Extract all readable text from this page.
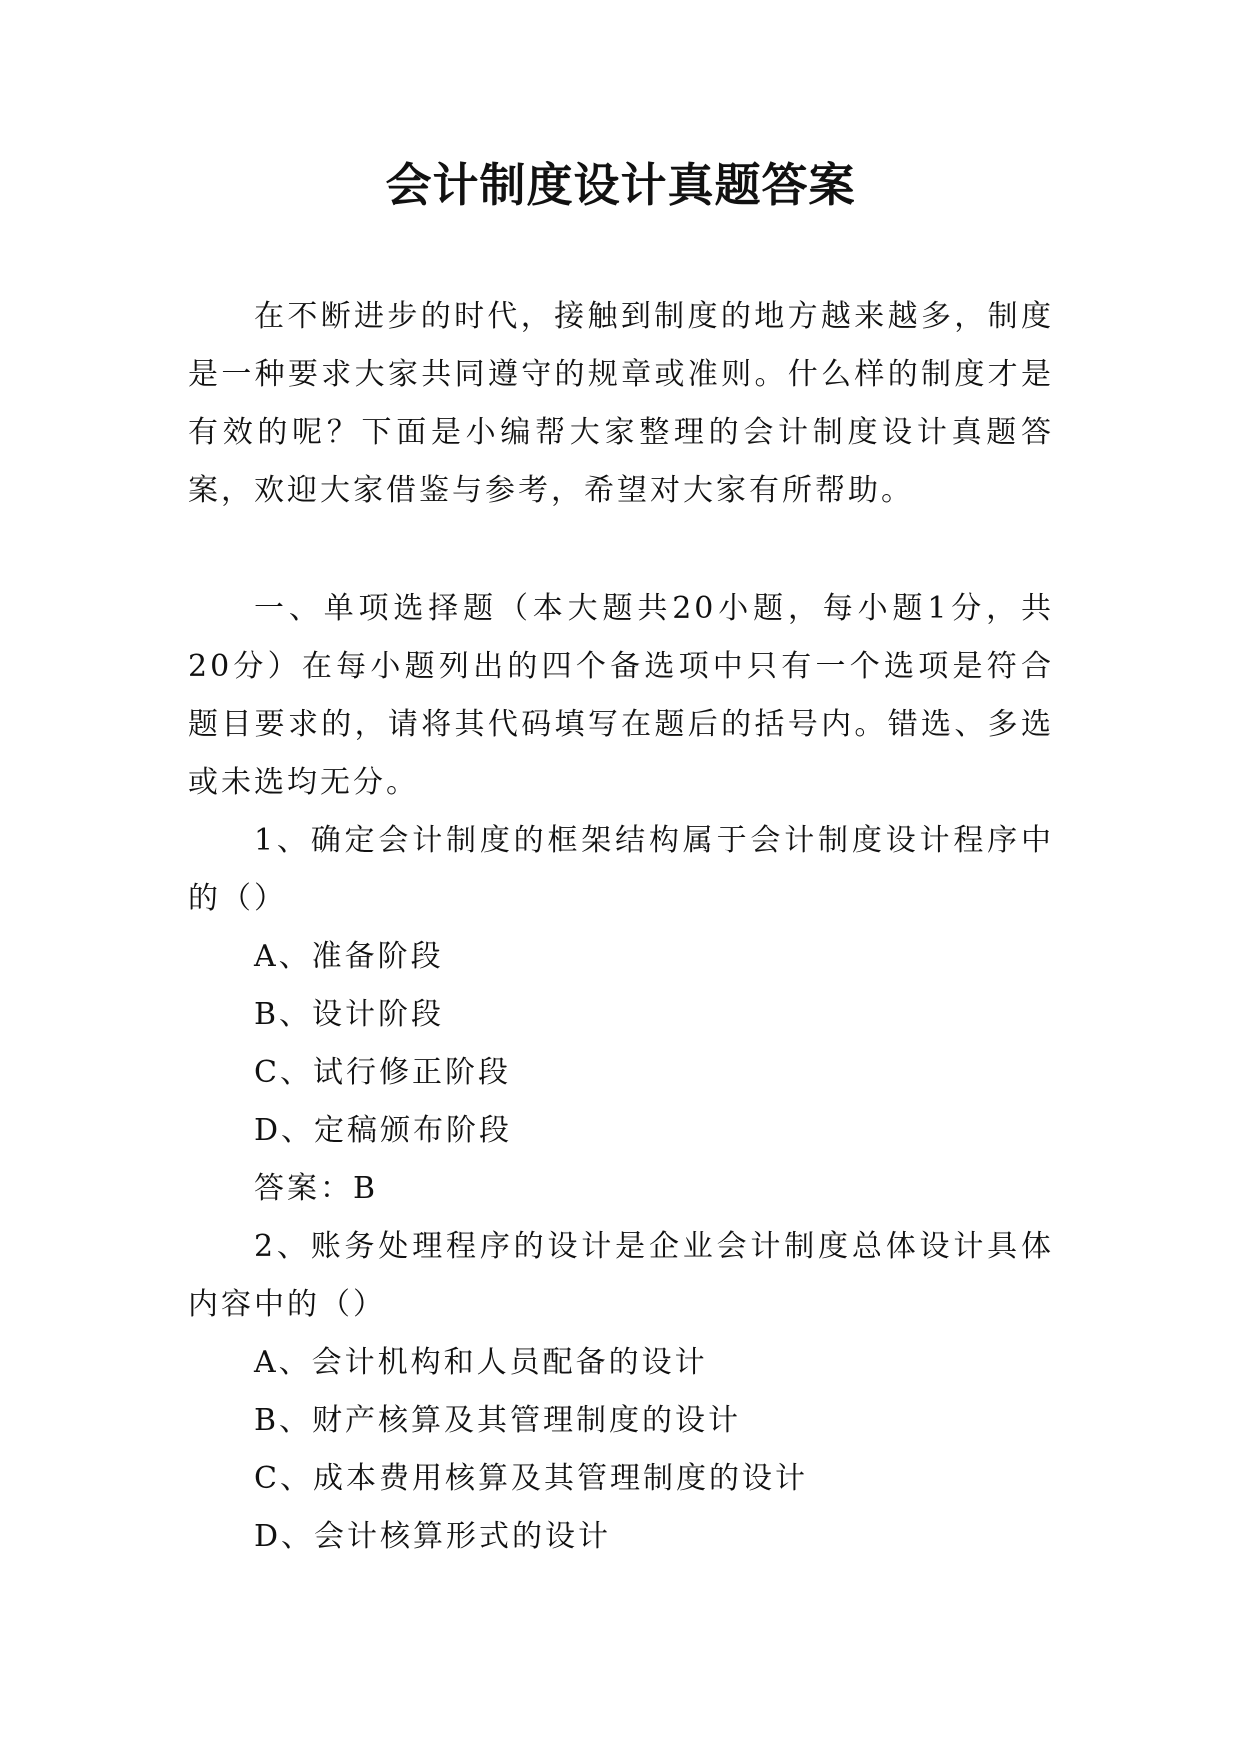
会计制度设计真题答案

在不断进步的时代，接触到制度的地方越来越多，制度是一种要求大家共同遵守的规章或准则。什么样的制度才是有效的呢？下面是小编帮大家整理的会计制度设计真题答案，欢迎大家借鉴与参考，希望对大家有所帮助。

一、单项选择题（本大题共20小题，每小题1分，共20分）在每小题列出的四个备选项中只有一个选项是符合题目要求的，请将其代码填写在题后的括号内。错选、多选或未选均无分。

1、确定会计制度的框架结构属于会计制度设计程序中的（）

A、准备阶段

B、设计阶段

C、试行修正阶段

D、定稿颁布阶段

答案：B

2、账务处理程序的设计是企业会计制度总体设计具体内容中的（）

A、会计机构和人员配备的设计

B、财产核算及其管理制度的设计

C、成本费用核算及其管理制度的设计

D、会计核算形式的设计
